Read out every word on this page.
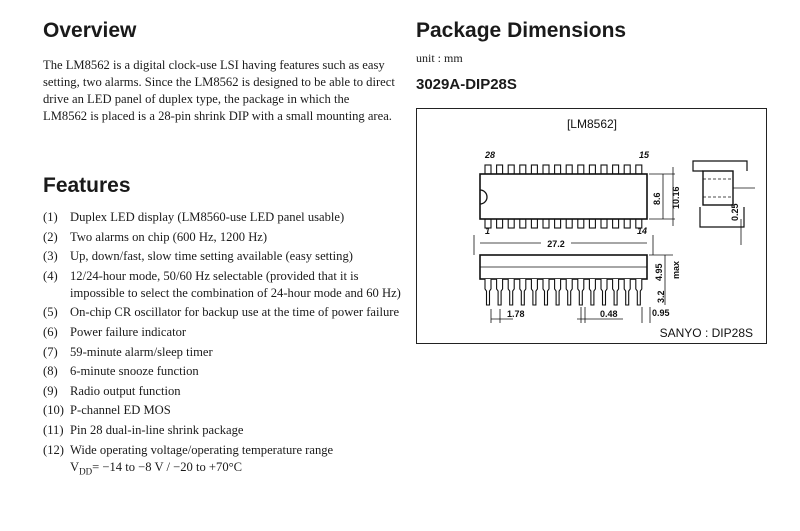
Overview

The LM8562 is a digital clock-use LSI having features such as easy setting, two alarms. Since the LM8562 is designed to be able to direct drive an LED panel of duplex type, the package in which the LM8562 is placed is a 28-pin shrink DIP with a small mounting area.

Features
(1) Duplex LED display (LM8560-use LED panel usable)
(2) Two alarms on chip (600 Hz, 1200 Hz)
(3) Up, down/fast, slow time setting available (easy setting)
(4) 12/24-hour mode, 50/60 Hz selectable (provided that it is impossible to select the combination of 24-hour mode and 60 Hz)
(5) On-chip CR oscillator for backup use at the time of power failure
(6) Power failure indicator
(7) 59-minute alarm/sleep timer
(8) 6-minute snooze function
(9) Radio output function
(10) P-channel ED MOS
(11) Pin 28 dual-in-line shrink package
(12) Wide operating voltage/operating temperature range
$V_{DD}= -14$ to −8 V / −20 to +70°C
Package Dimensions
unit : mm
3029A-DIP28S
[LM8562]
28	15
1	14
8.6 10.16
0.25
27.2
4.95 max
3.2
1.78	0.48	0.95
SANYO : DIP28S
